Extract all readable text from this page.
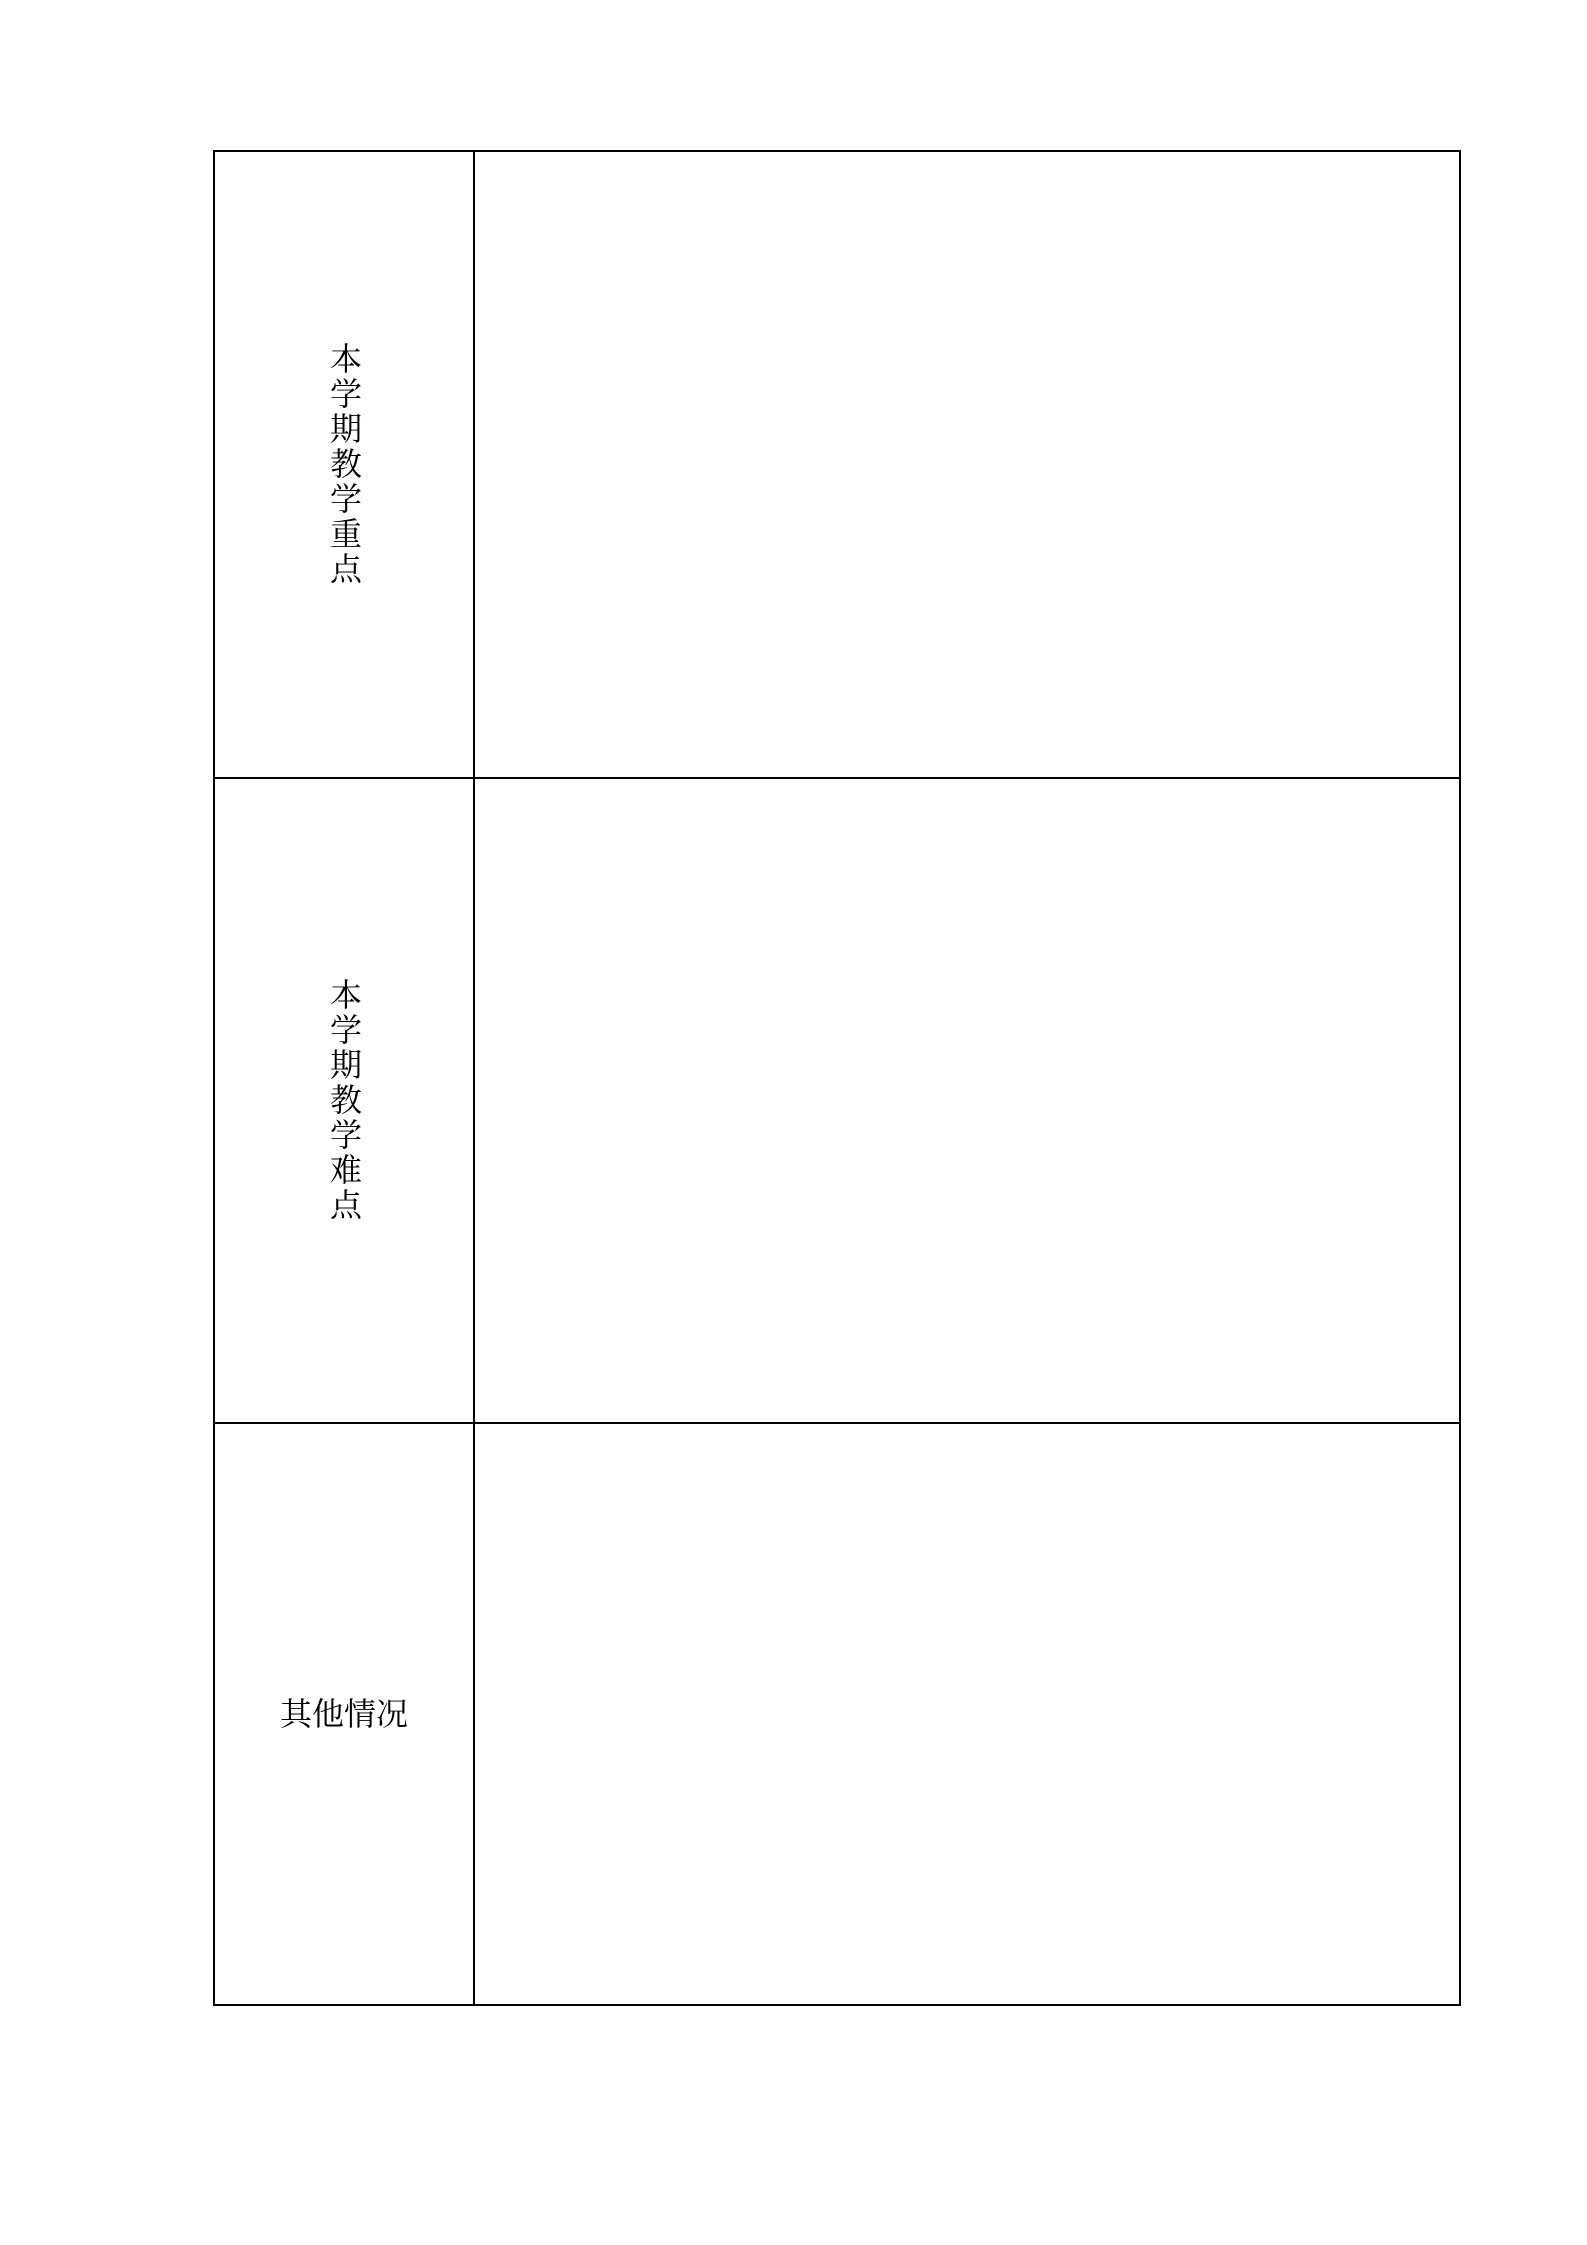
本学期教学重点
本学期教学难点
其他情况
